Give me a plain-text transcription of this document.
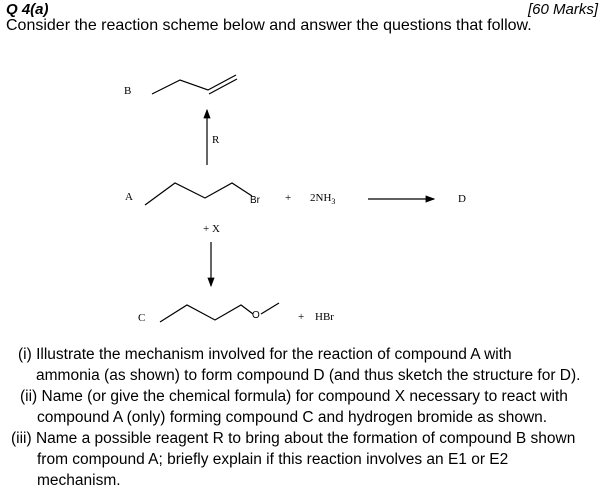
Q 4(a)	[60 Marks]
Consider the reaction scheme below and answer the questions that follow.
B
R
A	$Br + 2NH_3$	D
+ X
C	O	+ HBr
(i) Illustrate the mechanism involved for the reaction of compound A with
ammonia (as shown) to form compound D (and thus sketch the structure for D).
(ii) Name (or give the chemical formula) for compound X necessary to react with
compound A (only) forming compound C and hydrogen bromide as shown.
(iii) Name a possible reagent R to bring about the formation of compound B shown
from compound A; briefly explain if this reaction involves an E1 or E2
mechanism.
